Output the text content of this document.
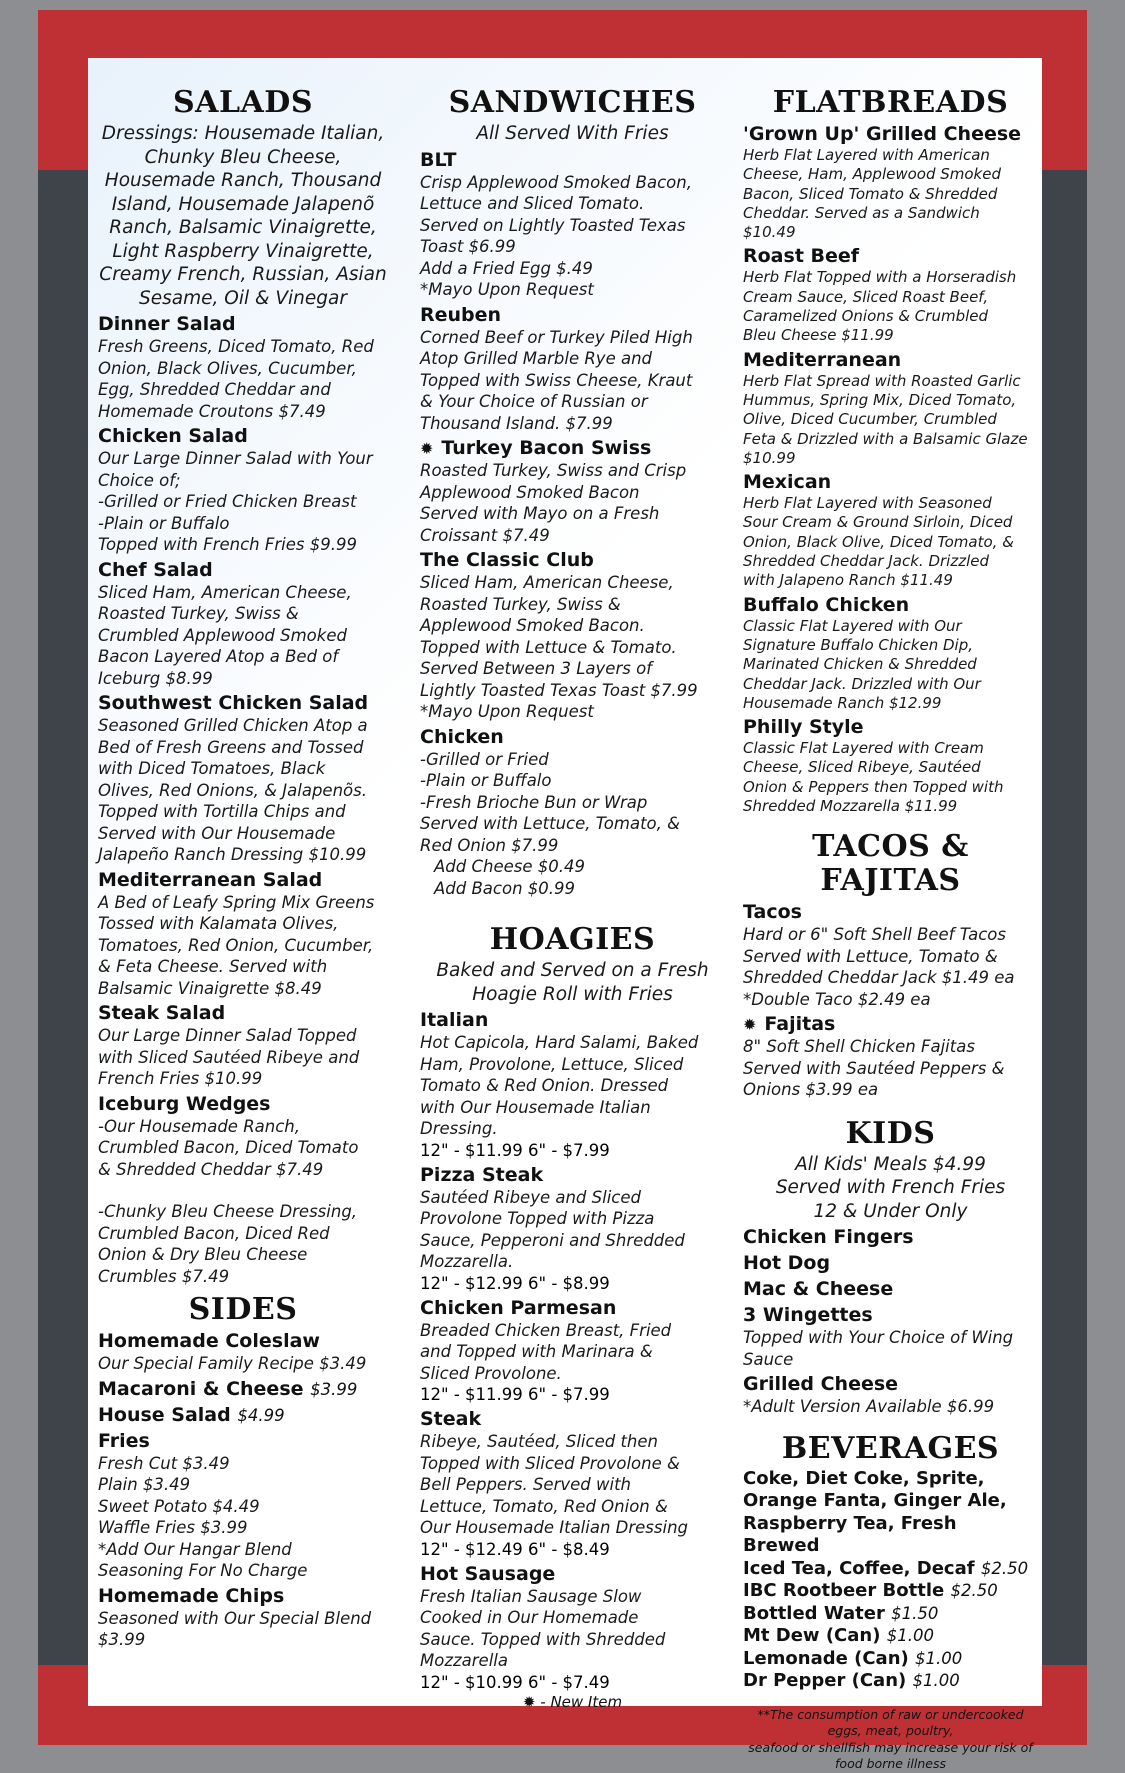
SALADS
Dressings: Housemade Italian, Chunky Bleu Cheese, Housemade Ranch, Thousand Island, Housemade Jalapenõ Ranch, Balsamic Vinaigrette, Light Raspberry Vinaigrette, Creamy French, Russian, Asian Sesame, Oil & Vinegar
Dinner Salad
Fresh Greens, Diced Tomato, Red
Onion, Black Olives, Cucumber,
Egg, Shredded Cheddar and
Homemade Croutons $7.49
Chicken Salad
Our Large Dinner Salad with Your
Choice of;
-Grilled or Fried Chicken Breast
-Plain or Buffalo
Topped with French Fries $9.99
Chef Salad
Sliced Ham, American Cheese,
Roasted Turkey, Swiss &
Crumbled Applewood Smoked
Bacon Layered Atop a Bed of
Iceburg $8.99
Southwest Chicken Salad
Seasoned Grilled Chicken Atop a
Bed of Fresh Greens and Tossed
with Diced Tomatoes, Black
Olives, Red Onions, & Jalapenõs.
Topped with Tortilla Chips and
Served with Our Housemade
Jalapeño Ranch Dressing $10.99
Mediterranean Salad
A Bed of Leafy Spring Mix Greens
Tossed with Kalamata Olives,
Tomatoes, Red Onion, Cucumber,
& Feta Cheese. Served with
Balsamic Vinaigrette $8.49
Steak Salad
Our Large Dinner Salad Topped
with Sliced Sautéed Ribeye and
French Fries $10.99
Iceburg Wedges
-Our Housemade Ranch,
Crumbled Bacon, Diced Tomato
& Shredded Cheddar $7.49
-Chunky Bleu Cheese Dressing,
Crumbled Bacon, Diced Red
Onion & Dry Bleu Cheese
Crumbles $7.49
SIDES
Homemade Coleslaw
Our Special Family Recipe $3.49
Macaroni & Cheese $3.99
House Salad $4.99
Fries
Fresh Cut $3.49
Plain $3.49
Sweet Potato $4.49
Waffle Fries $3.99
*Add Our Hangar Blend
Seasoning For No Charge
Homemade Chips
Seasoned with Our Special Blend
$3.99
SANDWICHES
All Served With Fries
BLT
Crisp Applewood Smoked Bacon,
Lettuce and Sliced Tomato.
Served on Lightly Toasted Texas
Toast $6.99
Add a Fried Egg $.49
*Mayo Upon Request
Reuben
Corned Beef or Turkey Piled High
Atop Grilled Marble Rye and
Topped with Swiss Cheese, Kraut
& Your Choice of Russian or
Thousand Island. $7.99
✹ Turkey Bacon Swiss
Roasted Turkey, Swiss and Crisp
Applewood Smoked Bacon
Served with Mayo on a Fresh
Croissant $7.49
The Classic Club
Sliced Ham, American Cheese,
Roasted Turkey, Swiss &
Applewood Smoked Bacon.
Topped with Lettuce & Tomato.
Served Between 3 Layers of
Lightly Toasted Texas Toast $7.99
*Mayo Upon Request
Chicken
-Grilled or Fried
-Plain or Buffalo
-Fresh Brioche Bun or Wrap
Served with Lettuce, Tomato, &
Red Onion $7.99
Add Cheese $0.49
Add Bacon $0.99
HOAGIES
Baked and Served on a Fresh Hoagie Roll with Fries
Italian
Hot Capicola, Hard Salami, Baked
Ham, Provolone, Lettuce, Sliced
Tomato & Red Onion. Dressed
with Our Housemade Italian
Dressing.
12" - $11.99 6" - $7.99
Pizza Steak
Sautéed Ribeye and Sliced
Provolone Topped with Pizza
Sauce, Pepperoni and Shredded
Mozzarella.
12" - $12.99 6" - $8.99
Chicken Parmesan
Breaded Chicken Breast, Fried
and Topped with Marinara &
Sliced Provolone.
12" - $11.99 6" - $7.99
Steak
Ribeye, Sautéed, Sliced then
Topped with Sliced Provolone &
Bell Peppers. Served with
Lettuce, Tomato, Red Onion &
Our Housemade Italian Dressing
12" - $12.49 6" - $8.49
Hot Sausage
Fresh Italian Sausage Slow
Cooked in Our Homemade
Sauce. Topped with Shredded
Mozzarella
12" - $10.99 6" - $7.49
✹ - New Item
FLATBREADS
'Grown Up' Grilled Cheese
Herb Flat Layered with American
Cheese, Ham, Applewood Smoked
Bacon, Sliced Tomato & Shredded
Cheddar. Served as a Sandwich
$10.49
Roast Beef
Herb Flat Topped with a Horseradish
Cream Sauce, Sliced Roast Beef,
Caramelized Onions & Crumbled
Bleu Cheese $11.99
Mediterranean
Herb Flat Spread with Roasted Garlic
Hummus, Spring Mix, Diced Tomato,
Olive, Diced Cucumber, Crumbled
Feta & Drizzled with a Balsamic Glaze
$10.99
Mexican
Herb Flat Layered with Seasoned
Sour Cream & Ground Sirloin, Diced
Onion, Black Olive, Diced Tomato, &
Shredded Cheddar Jack. Drizzled
with Jalapeno Ranch $11.49
Buffalo Chicken
Classic Flat Layered with Our
Signature Buffalo Chicken Dip,
Marinated Chicken & Shredded
Cheddar Jack. Drizzled with Our
Housemade Ranch $12.99
Philly Style
Classic Flat Layered with Cream
Cheese, Sliced Ribeye, Sautéed
Onion & Peppers then Topped with
Shredded Mozzarella $11.99
TACOS & FAJITAS
Tacos
Hard or 6" Soft Shell Beef Tacos
Served with Lettuce, Tomato &
Shredded Cheddar Jack $1.49 ea
*Double Taco $2.49 ea
✹ Fajitas
8" Soft Shell Chicken Fajitas
Served with Sautéed Peppers &
Onions $3.99 ea
KIDS
All Kids' Meals $4.99
Served with French Fries
12 & Under Only
Chicken Fingers
Hot Dog
Mac & Cheese
3 Wingettes
Topped with Your Choice of Wing
Sauce
Grilled Cheese
*Adult Version Available $6.99
BEVERAGES
Coke, Diet Coke, Sprite,
Orange Fanta, Ginger Ale,
Raspberry Tea, Fresh Brewed
Iced Tea, Coffee, Decaf $2.50
IBC Rootbeer Bottle $2.50
Bottled Water $1.50
Mt Dew (Can) $1.00
Lemonade (Can) $1.00
Dr Pepper (Can) $1.00
**The consumption of raw or undercooked
eggs, meat, poultry,
seafood or shellfish may increase your risk of
food borne illness
